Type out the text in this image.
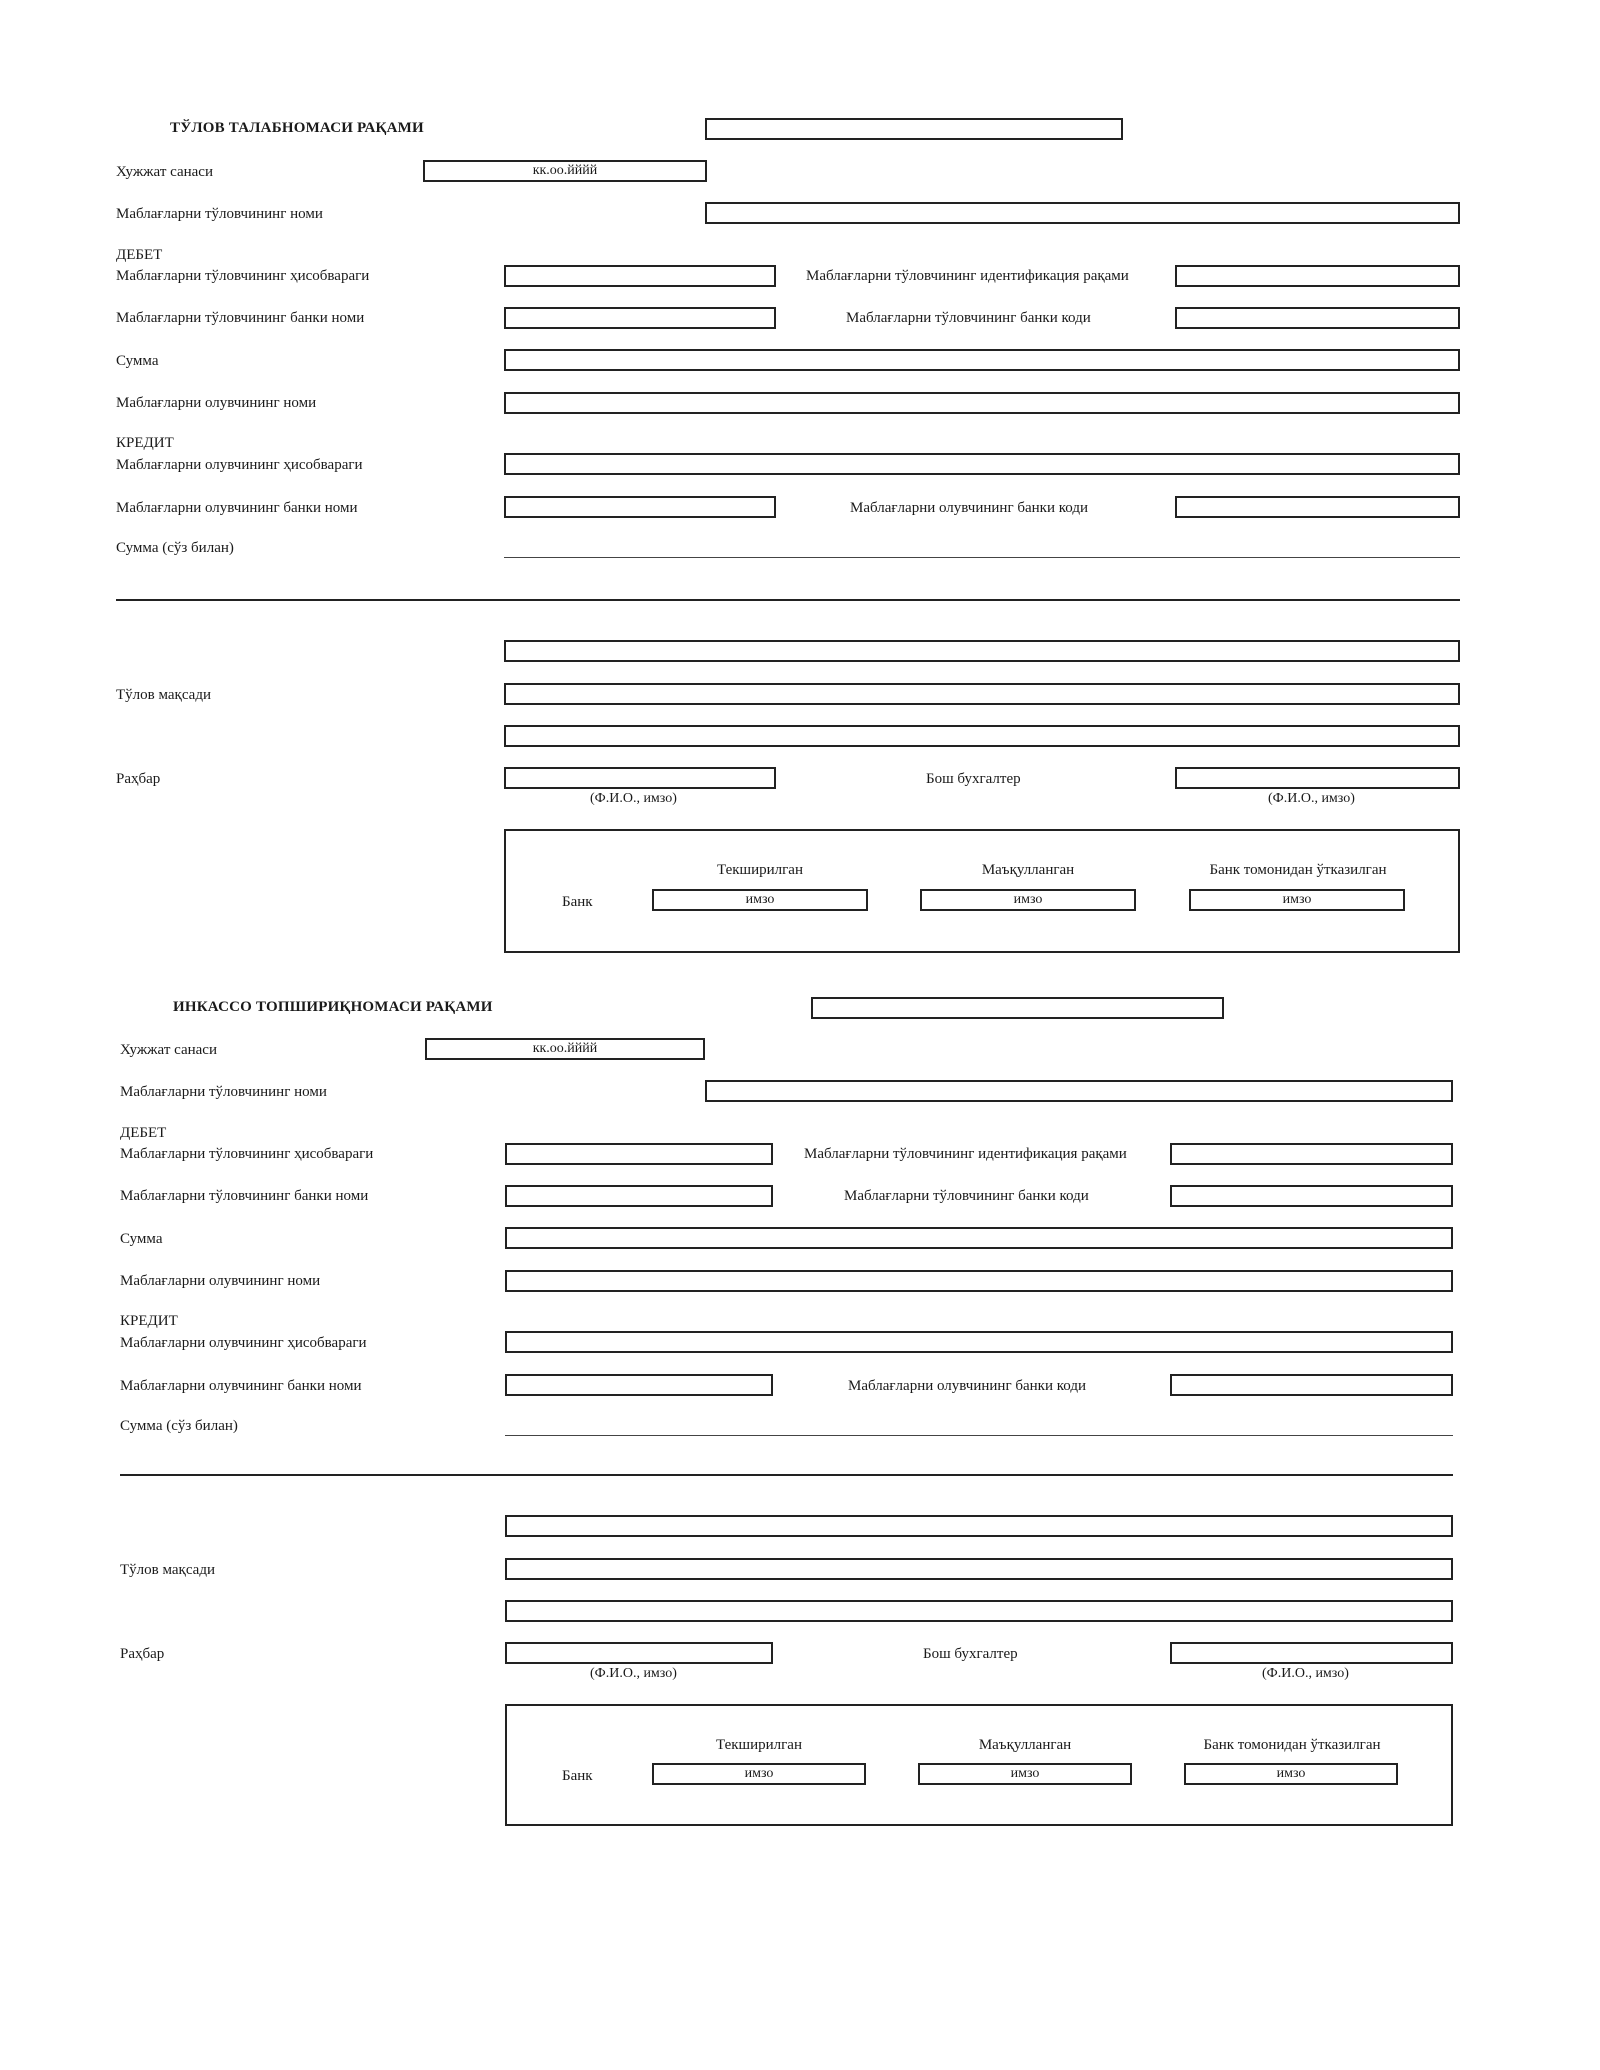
ТЎЛОВ ТАЛАБНОМАСИ РАҚАМИ
Хужжат санаси	кк.оо.йййй
Маблағларни тўловчининг номи
ДЕБЕТ
Маблағларни тўловчининг ҳисобвараги	Маблағларни тўловчининг идентификация рақами
Маблағларни тўловчининг банки номи	Маблағларни тўловчининг банки коди
Сумма
Маблағларни олувчининг номи
КРЕДИТ
Маблағларни олувчининг ҳисобвараги
Маблағларни олувчининг банки номи	Маблағларни олувчининг банки коди
Сумма (сўз билан)
Тўлов мақсади
Раҳбар
(Ф.И.О., имзо)
Бош бухгалтер
(Ф.И.О., имзо)
Текширилган	Маъқулланган	Банк томонидан ўтказилган
Банк	имзо	имзо	имзо
ИНКАССО ТОПШИРИҚНОМАСИ РАҚАМИ
Хужжат санаси	кк.оо.йййй
Маблағларни тўловчининг номи
ДЕБЕТ
Маблағларни тўловчининг ҳисобвараги	Маблағларни тўловчининг идентификация рақами
Маблағларни тўловчининг банки номи	Маблағларни тўловчининг банки коди
Сумма
Маблағларни олувчининг номи
КРЕДИТ
Маблағларни олувчининг ҳисобвараги
Маблағларни олувчининг банки номи	Маблағларни олувчининг банки коди
Сумма (сўз билан)
Тўлов мақсади
Раҳбар
(Ф.И.О., имзо)
Бош бухгалтер
(Ф.И.О., имзо)
Текширилган	Маъқулланган	Банк томонидан ўтказилган
Банк	имзо	имзо	имзо
